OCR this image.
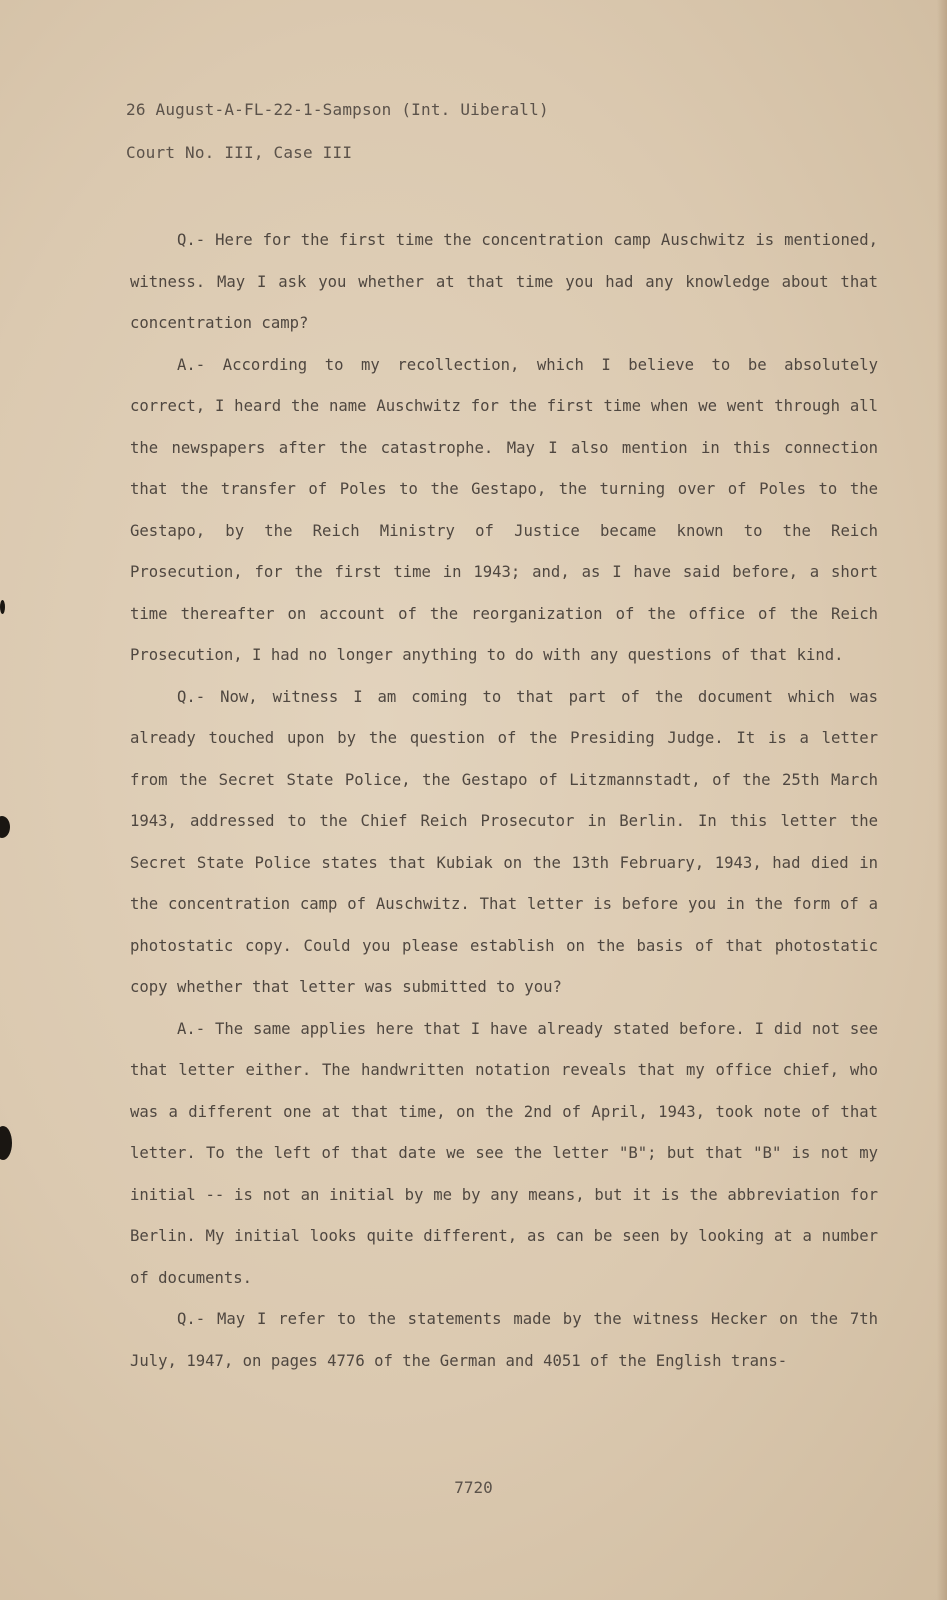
26 August-A-FL-22-1-Sampson (Int. Uiberall)
Court No. III, Case III

Q.- Here for the first time the concentration camp Auschwitz is mentioned, witness. May I ask you whether at that time you had any knowledge about that concentration camp?

A.- According to my recollection, which I believe to be absolutely correct, I heard the name Auschwitz for the first time when we went through all the newspapers after the catastrophe. May I also mention in this connection that the transfer of Poles to the Gestapo, the turning over of Poles to the Gestapo, by the Reich Ministry of Justice became known to the Reich Prosecution, for the first time in 1943; and, as I have said before, a short time thereafter on account of the reorganization of the office of the Reich Prosecution, I had no longer anything to do with any questions of that kind.

Q.- Now, witness I am coming to that part of the document which was already touched upon by the question of the Presiding Judge. It is a letter from the Secret State Police, the Gestapo of Litzmannstadt, of the 25th March 1943, addressed to the Chief Reich Prosecutor in Berlin. In this letter the Secret State Police states that Kubiak on the 13th February, 1943, had died in the concentration camp of Auschwitz. That letter is before you in the form of a photostatic copy. Could you please establish on the basis of that photostatic copy whether that letter was submitted to you?

A.- The same applies here that I have already stated before. I did not see that letter either. The handwritten notation reveals that my office chief, who was a different one at that time, on the 2nd of April, 1943, took note of that letter. To the left of that date we see the letter "B"; but that "B" is not my initial -- is not an initial by me by any means, but it is the abbreviation for Berlin. My initial looks quite different, as can be seen by looking at a number of documents.

Q.- May I refer to the statements made by the witness Hecker on the 7th July, 1947, on pages 4776 of the German and 4051 of the English trans-

7720
